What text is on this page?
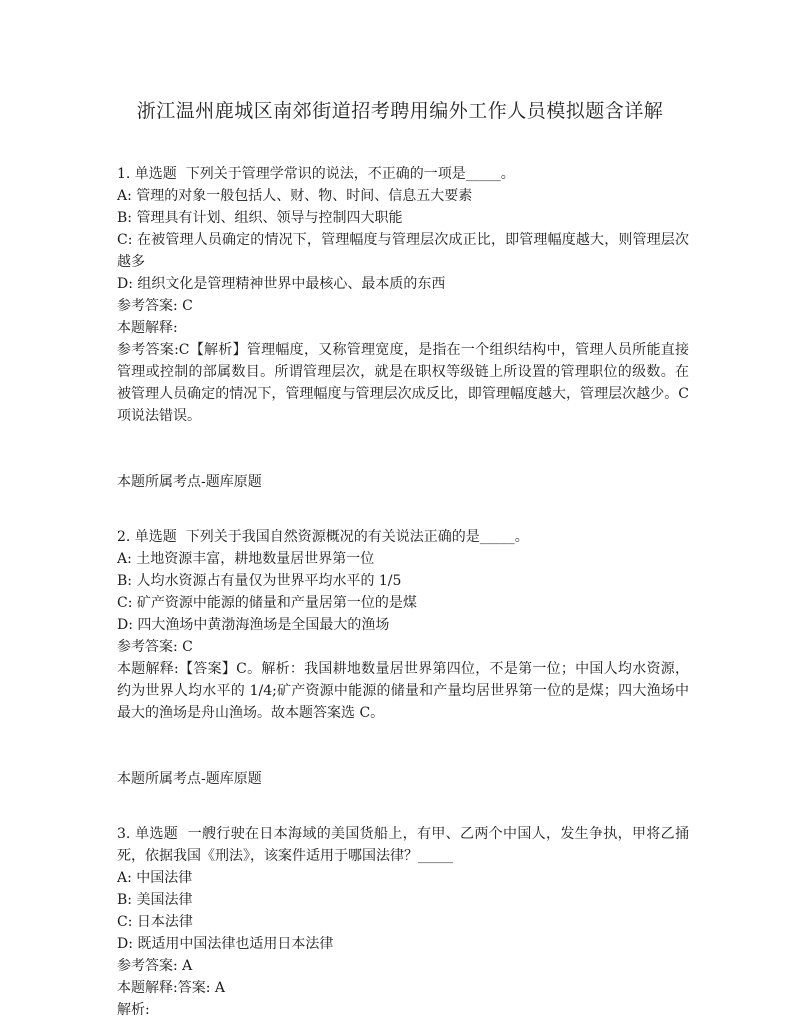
浙江温州鹿城区南郊街道招考聘用编外工作人员模拟题含详解
1. 单选题  下列关于管理学常识的说法，不正确的一项是_____。
A: 管理的对象一般包括人、财、物、时间、信息五大要素
B: 管理具有计划、组织、领导与控制四大职能
C: 在被管理人员确定的情况下，管理幅度与管理层次成正比，即管理幅度越大，则管理层次越多
D: 组织文化是管理精神世界中最核心、最本质的东西
参考答案: C
本题解释:
参考答案:C【解析】管理幅度，又称管理宽度，是指在一个组织结构中，管理人员所能直接管理或控制的部属数目。所谓管理层次，就是在职权等级链上所设置的管理职位的级数。在被管理人员确定的情况下，管理幅度与管理层次成反比，即管理幅度越大，管理层次越少。C项说法错误。
本题所属考点-题库原题
2. 单选题  下列关于我国自然资源概况的有关说法正确的是_____。
A: 土地资源丰富，耕地数量居世界第一位
B: 人均水资源占有量仅为世界平均水平的 1/5
C: 矿产资源中能源的储量和产量居第一位的是煤
D: 四大渔场中黄渤海渔场是全国最大的渔场
参考答案: C
本题解释:【答案】C。解析：我国耕地数量居世界第四位，不是第一位；中国人均水资源，约为世界人均水平的 1/4;矿产资源中能源的储量和产量均居世界第一位的是煤；四大渔场中最大的渔场是舟山渔场。故本题答案选 C。
本题所属考点-题库原题
3. 单选题  一艘行驶在日本海域的美国货船上，有甲、乙两个中国人，发生争执，甲将乙捅死，依据我国《刑法》，该案件适用于哪国法律？_____
A: 中国法律
B: 美国法律
C: 日本法律
D: 既适用中国法律也适用日本法律
参考答案: A
本题解释:答案: A
解析:
